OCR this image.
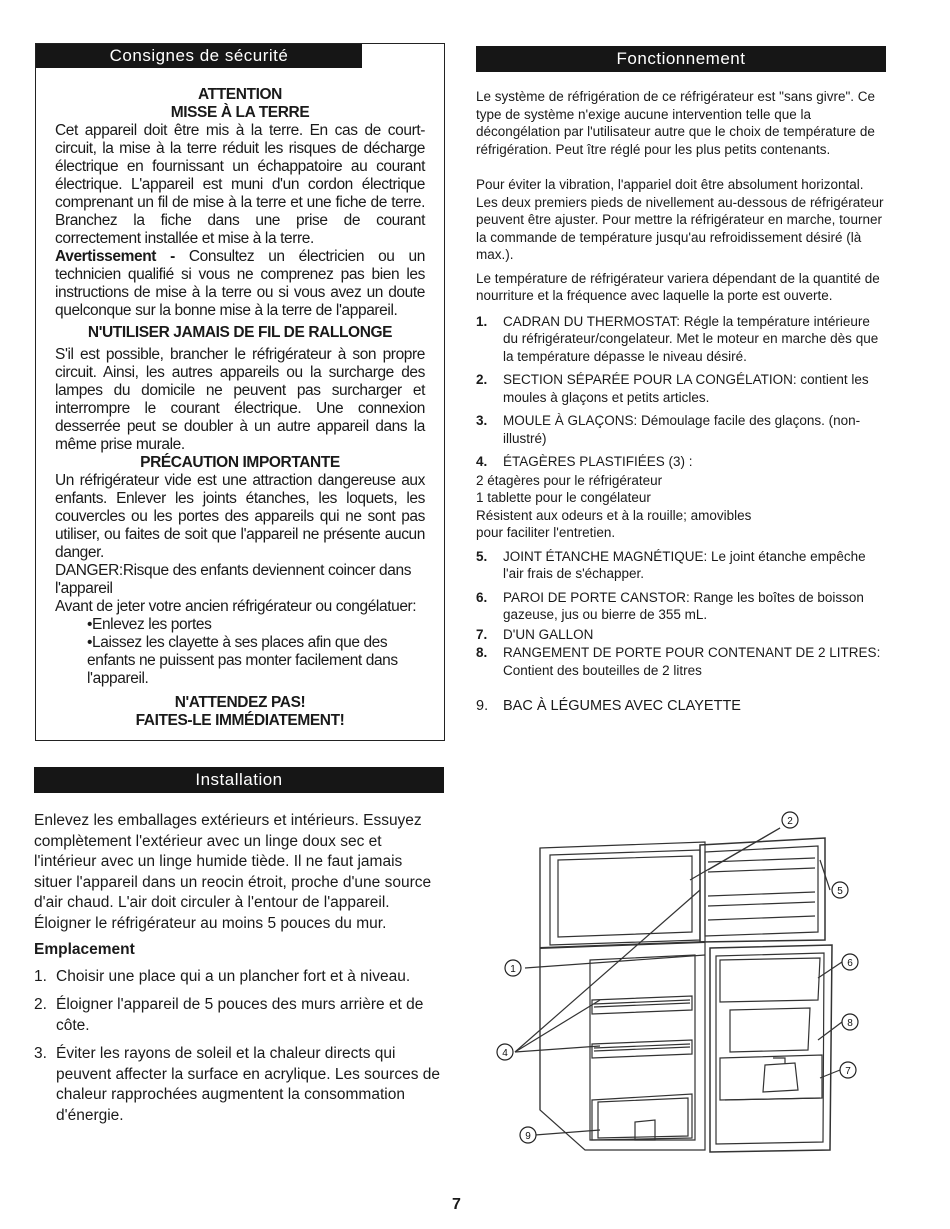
Consignes de sécurité

ATTENTION

MISSE À LA TERRE

Cet appareil doit être mis à la terre. En cas de court-circuit, la mise à la terre réduit les risques de décharge électrique en fournissant un échappatoire au courant électrique. L'appareil est muni d'un cordon électrique comprenant un fil de mise à la terre et une fiche de terre. Branchez la fiche dans une prise de courant correctement installée et mise à la terre.

Avertissement - Consultez un électricien ou un technicien qualifié si vous ne comprenez pas bien les instructions de mise à la terre ou si vous avez un doute quelconque sur la bonne mise à la terre de l'appareil.

N'UTILISER JAMAIS DE FIL DE RALLONGE

S'il est possible, brancher le réfrigérateur à son propre circuit. Ainsi, les autres appareils ou la surcharge des lampes du domicile ne peuvent pas surcharger et interrompre le courant électrique. Une connexion desserrée peut se doubler à un autre appareil dans la même prise murale.

PRÉCAUTION IMPORTANTE

Un réfrigérateur vide est une attraction dangereuse aux enfants. Enlever les joints étanches, les loquets, les couvercles ou les portes des appareils qui ne sont pas utiliser, ou faites de soit que l'appareil ne présente aucun danger.

DANGER:Risque des enfants deviennent coincer dans l'appareil

Avant de jeter votre ancien réfrigérateur ou congélatuer:

•Enlevez les portes

•Laissez les clayette à ses places afin que des enfants ne puissent pas monter facilement dans l'appareil.

N'ATTENDEZ PAS!

FAITES-LE IMMÉDIATEMENT!

Installation

Enlevez les emballages extérieurs et intérieurs. Essuyez complètement l'extérieur avec un linge doux sec et l'intérieur avec un linge humide tiède. Il ne faut jamais situer l'appareil dans un reocin étroit, proche d'une source d'air chaud. L'air doit circuler à l'entour de l'appareil. Éloigner le réfrigérateur au moins 5 pouces du mur.

Emplacement

1. Choisir une place qui a un plancher fort et à niveau.
2. Éloigner l'appareil de 5 pouces des murs arrière et de côte.
3. Éviter les rayons de soleil et la chaleur directs qui peuvent affecter la surface en acrylique. Les sources de chaleur rapprochées augmentent la consommation d'énergie.
Fonctionnement

Le système de réfrigération de ce réfrigérateur est "sans givre". Ce type de système n'exige aucune intervention telle que la décongélation par l'utilisateur autre que le choix de température de réfrigération. Peut ître réglé pour les plus petits contenants.

Pour éviter la vibration, l'appariel doit être absolument horizontal. Les deux premiers pieds de nivellement au-dessous de réfrigérateur peuvent être ajuster. Pour mettre la réfrigérateur en marche, tourner la commande de température jusqu'au refroidissement désiré (là max.).

Le température de réfrigérateur variera dépendant de la quantité de nourriture et la fréquence avec laquelle la porte est ouverte.

1. CADRAN DU THERMOSTAT: Régle la température intérieure du réfrigérateur/congelateur. Met le moteur en marche dès que la température dépasse le niveau désiré.
2. SECTION SÉPARÉE POUR LA CONGÉLATION: contient les moules à glaçons et petits articles.
3. MOULE À GLAÇONS: Démoulage facile des glaçons. (non-illustré)
4. ÉTAGÈRES PLASTIFIÉES (3) :
2 étagères pour le réfrigérateur
1 tablette pour le congélateur
Résistent aux odeurs et à la rouille; amovibles
pour faciliter l'entretien.
5. JOINT ÉTANCHE MAGNÉTIQUE: Le joint étanche empêche l'air frais de s'échapper.
6. PAROI DE PORTE CANSTOR: Range les boîtes de boisson gazeuse, jus ou bierre de 355 mL.
7. D'UN GALLON
8. RANGEMENT DE PORTE POUR CONTENANT DE 2 LITRES: Contient des bouteilles de 2 litres
9. BAC À LÉGUMES AVEC CLAYETTE
2
5
1
6
8
4
7
9
7
